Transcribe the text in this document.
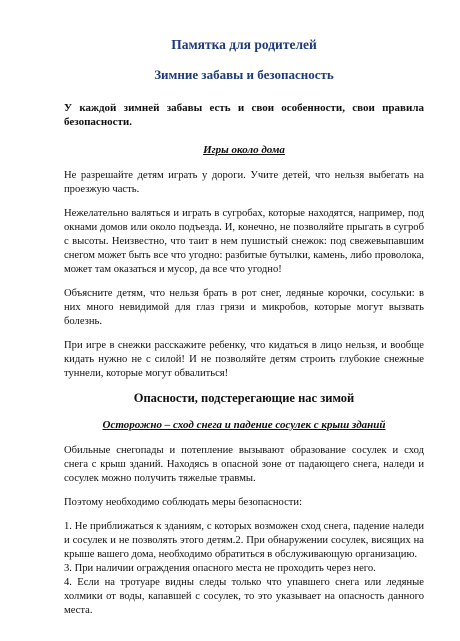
Памятка для родителей
Зимние забавы и безопасность

У каждой зимней забавы есть и свои особенности, свои правила безопасности.

Игры около дома

Не разрешайте детям играть у дороги. Учите детей, что нельзя выбегать на проезжую часть.

Нежелательно валяться и играть в сугробах, которые находятся, например, под окнами домов или около подъезда. И, конечно, не позволяйте прыгать в сугроб с высоты. Неизвестно, что таит в нем пушистый снежок: под свежевыпавшим снегом может быть все что угодно: разбитые бутылки, камень, либо проволока, может там оказаться и мусор, да все что угодно!

Объясните детям, что нельзя брать в рот снег, ледяные корочки, сосульки: в них много невидимой для глаз грязи и микробов, которые могут вызвать болезнь.

При игре в снежки расскажите ребенку, что кидаться в лицо нельзя, и вообще кидать нужно не с силой! И не позволяйте детям строить глубокие снежные туннели, которые могут обвалиться!

Опасности, подстерегающие нас зимой
Осторожно – сход снега и падение сосулек с крыш зданий

Обильные снегопады и потепление вызывают образование сосулек и сход снега с крыш зданий. Находясь в опасной зоне от падающего снега, наледи и сосулек можно получить тяжелые травмы.

Поэтому необходимо соблюдать меры безопасности:

1. Не приближаться к зданиям, с которых возможен сход снега, падение наледи и сосулек и не позволять этого детям.2. При обнаружении сосулек, висящих на крыше вашего дома, необходимо обратиться в обслуживающую организацию.

3. При наличии ограждения опасного места не проходить через него.

4. Если на тротуаре видны следы только что упавшего снега или ледяные холмики от воды, капавшей с сосулек, то это указывает на опасность данного места.
